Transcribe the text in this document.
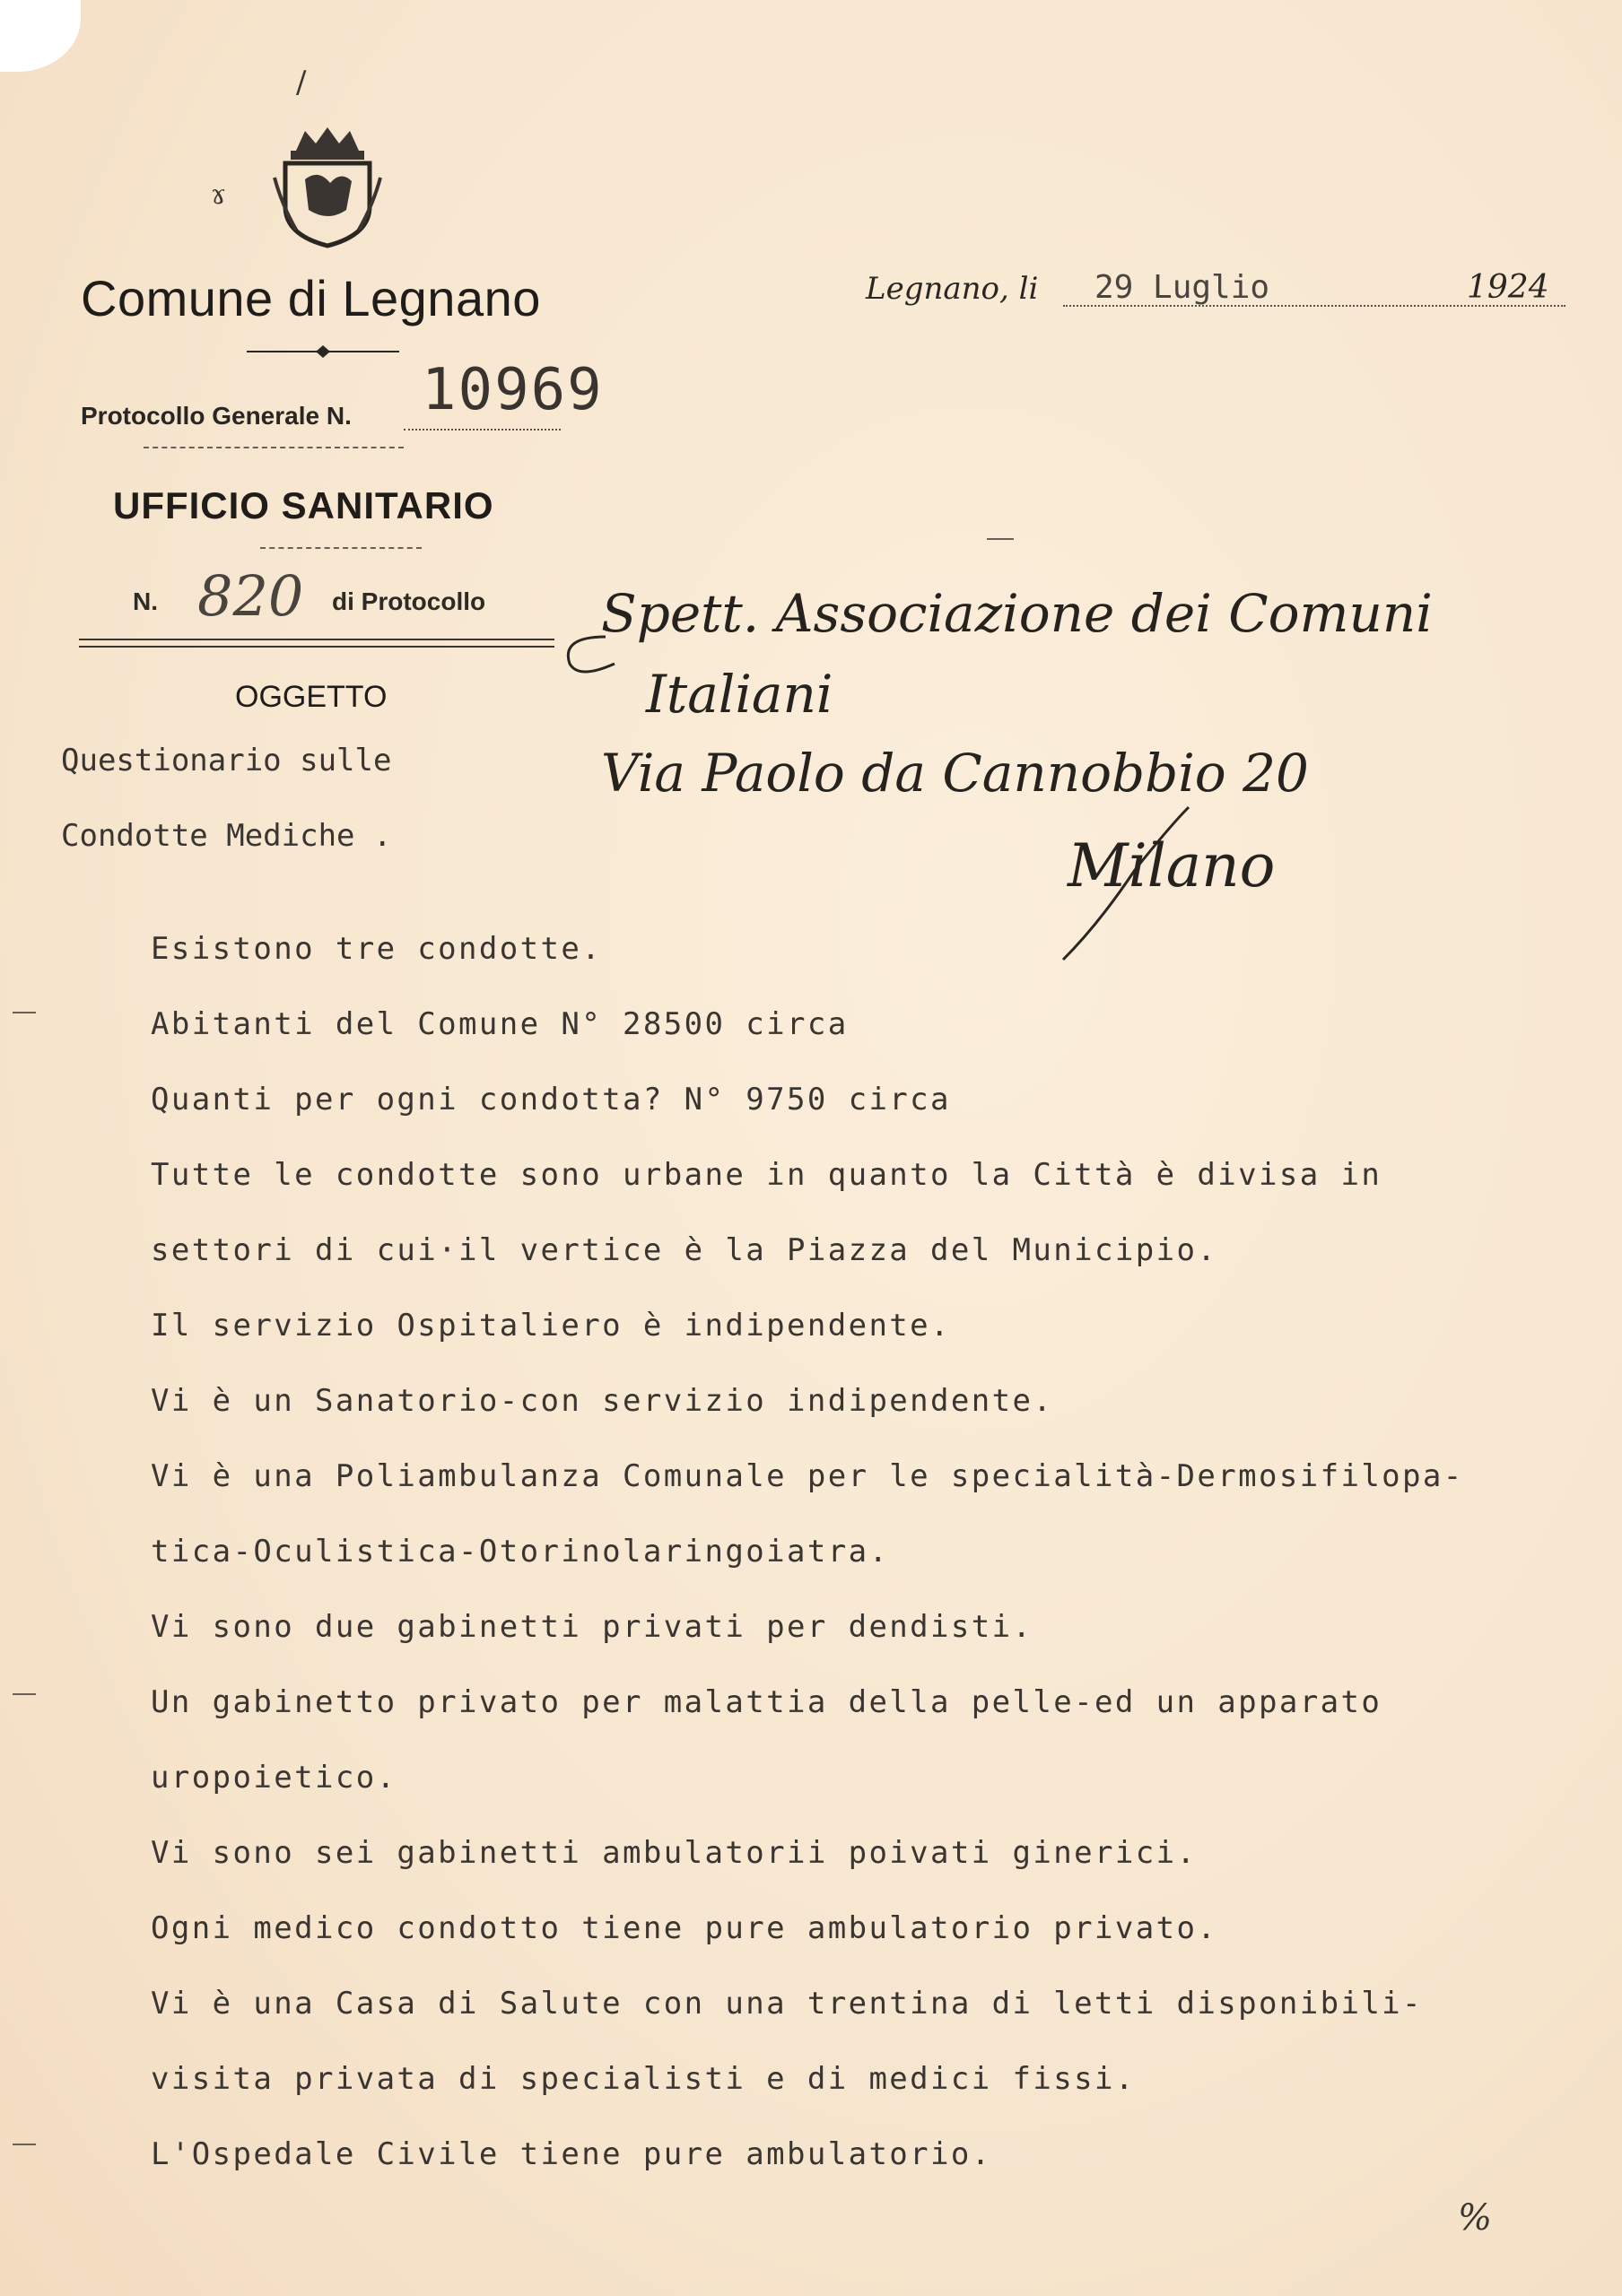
/
ɤ
Comune di Legnano
Protocollo Generale N. 10969
UFFICIO SANITARIO
N. 820 di Protocollo
OGGETTO
Questionario sulle
Condotte Mediche .
Legnano, li 29 Luglio	1924
Spett. Associazione dei Comuni
Italiani
Via Paolo da Cannobbio 20
Milano
Esistono tre condotte.
Abitanti del Comune N° 28500 circa
Quanti per ogni condotta? N° 9750 circa
Tutte le condotte sono urbane in quanto la Città è divisa in
settori di cui·il vertice è la Piazza del Municipio.
Il servizio Ospitaliero è indipendente.
Vi è un Sanatorio-con servizio indipendente.
Vi è una Poliambulanza Comunale per le specialità-Dermosifilopa-
tica-Oculistica-Otorinolaringoiatra.
Vi sono due gabinetti privati per dendisti.
Un gabinetto privato per malattia della pelle-ed un apparato
uropoietico.
Vi sono sei gabinetti ambulatorii poivati ginerici.
Ogni medico condotto tiene pure ambulatorio privato.
Vi è una Casa di Salute con una trentina di letti disponibili-
visita privata di specialisti e di medici fissi.
L'Ospedale Civile tiene pure ambulatorio.
%
